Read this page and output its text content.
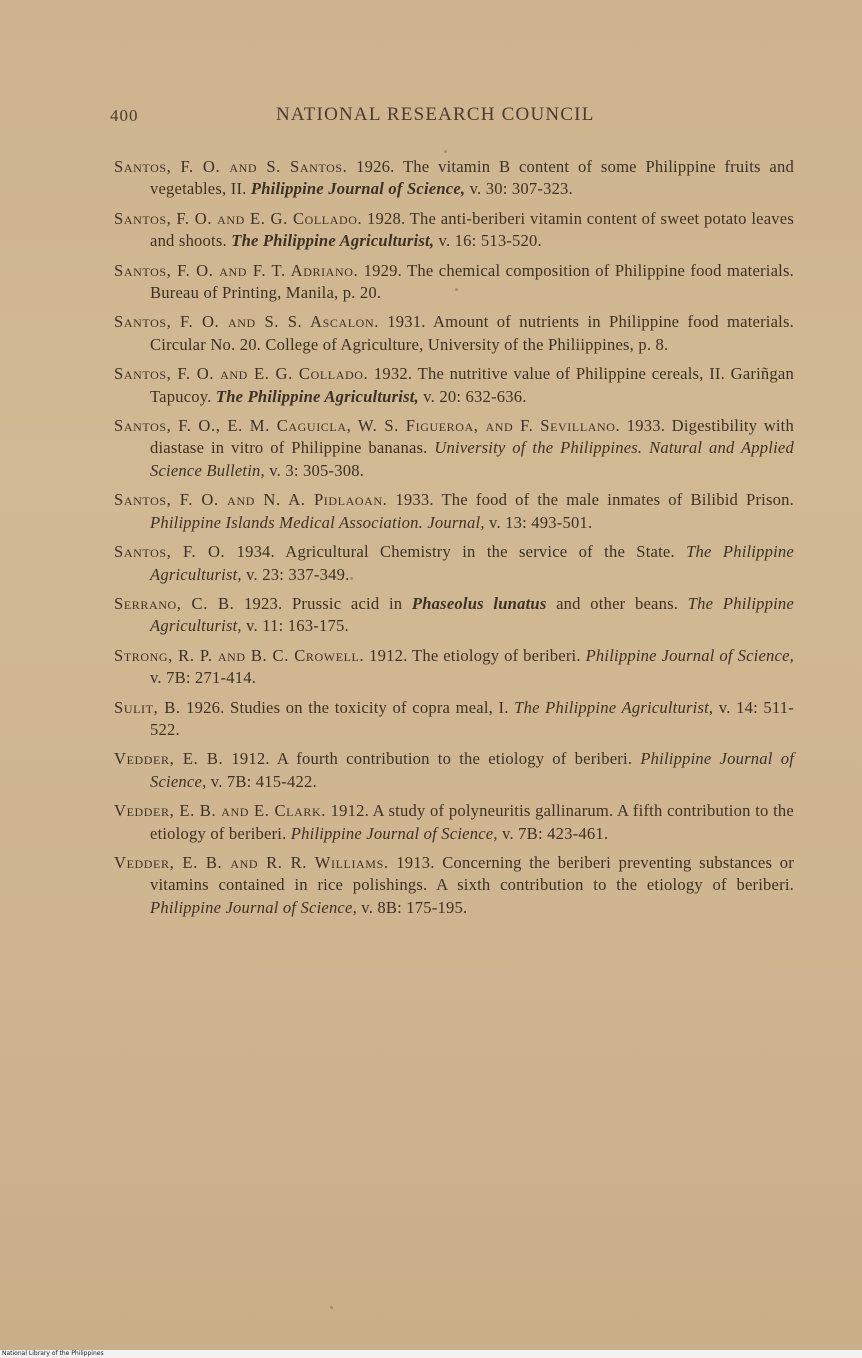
400	NATIONAL RESEARCH COUNCIL

Santos, F. O. and S. Santos. 1926. The vitamin B content of some Philippine fruits and vegetables, II. Philippine Journal of Science, v. 30: 307-323.

Santos, F. O. and E. G. Collado. 1928. The anti-beriberi vitamin content of sweet potato leaves and shoots. The Philippine Agriculturist, v. 16: 513-520.

Santos, F. O. and F. T. Adriano. 1929. The chemical composition of Philippine food materials. Bureau of Printing, Manila, p. 20.

Santos, F. O. and S. S. Ascalon. 1931. Amount of nutrients in Philippine food materials. Circular No. 20. College of Agriculture, University of the Philiippines, p. 8.

Santos, F. O. and E. G. Collado. 1932. The nutritive value of Philippine cereals, II. Gariñgan Tapucoy. The Philippine Agriculturist, v. 20: 632-636.

Santos, F. O., E. M. Caguicla, W. S. Figueroa, and F. Sevillano. 1933. Digestibility with diastase in vitro of Philippine bananas. University of the Philippines. Natural and Applied Science Bulletin, v. 3: 305-308.

Santos, F. O. and N. A. Pidlaoan. 1933. The food of the male inmates of Bilibid Prison. Philippine Islands Medical Association. Journal, v. 13: 493-501.

Santos, F. O. 1934. Agricultural Chemistry in the service of the State. The Philippine Agriculturist, v. 23: 337-349.

Serrano, C. B. 1923. Prussic acid in Phaseolus lunatus and other beans. The Philippine Agriculturist, v. 11: 163-175.

Strong, R. P. and B. C. Crowell. 1912. The etiology of beriberi. Philippine Journal of Science, v. 7B: 271-414.

Sulit, B. 1926. Studies on the toxicity of copra meal, I. The Philippine Agriculturist, v. 14: 511-522.

Vedder, E. B. 1912. A fourth contribution to the etiology of beriberi. Philippine Journal of Science, v. 7B: 415-422.

Vedder, E. B. and E. Clark. 1912. A study of polyneuritis gallinarum. A fifth contribution to the etiology of beriberi. Philippine Journal of Science, v. 7B: 423-461.

Vedder, E. B. and R. R. Williams. 1913. Concerning the beriberi preventing substances or vitamins contained in rice polishings. A sixth contribution to the etiology of beriberi. Philippine Journal of Science, v. 8B: 175-195.

National Library of the Philippines
